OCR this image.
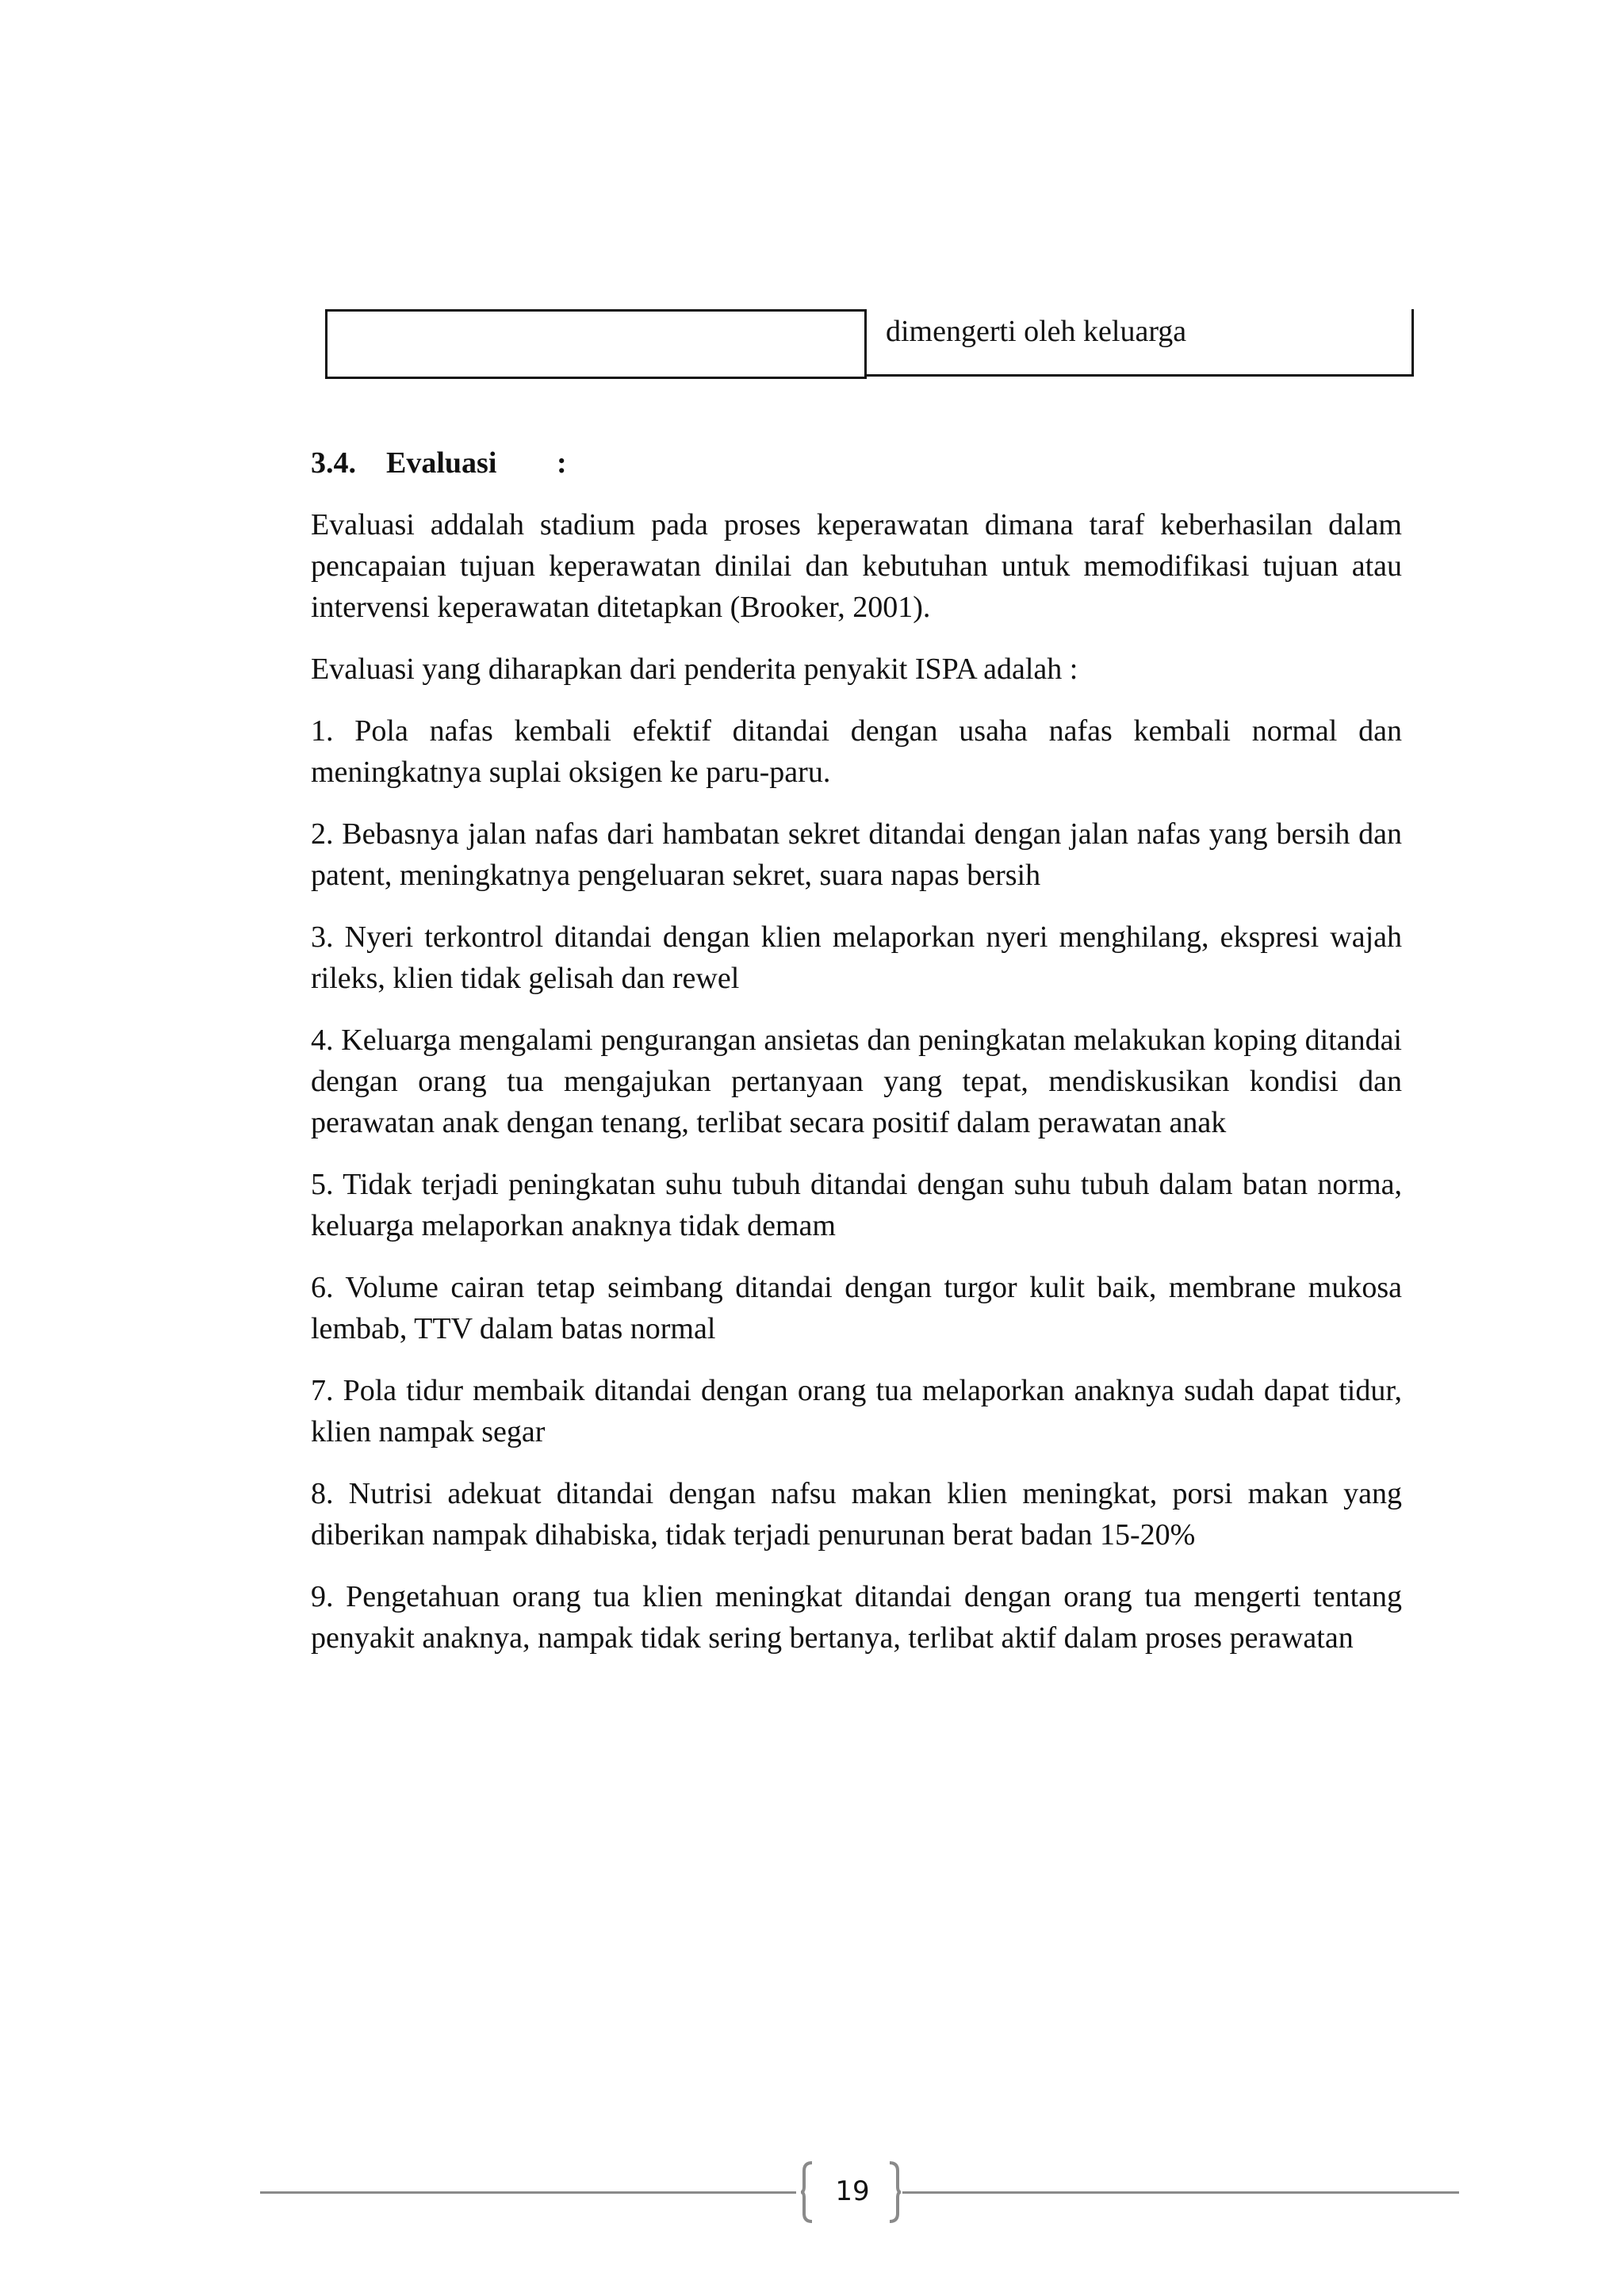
dimengerti oleh keluarga

3.4. Evaluasi :

Evaluasi addalah stadium pada proses keperawatan dimana taraf keberhasilan dalam pencapaian tujuan keperawatan dinilai dan kebutuhan untuk memodifikasi tujuan atau intervensi keperawatan ditetapkan (Brooker, 2001).

Evaluasi yang diharapkan dari penderita penyakit ISPA adalah :

1. Pola nafas kembali efektif ditandai dengan usaha nafas kembali normal dan meningkatnya suplai oksigen ke paru-paru.

2. Bebasnya jalan nafas dari hambatan sekret ditandai dengan jalan nafas yang bersih dan patent, meningkatnya pengeluaran sekret, suara napas bersih

3. Nyeri terkontrol ditandai dengan klien melaporkan nyeri menghilang, ekspresi wajah rileks, klien tidak gelisah dan rewel

4. Keluarga mengalami pengurangan ansietas dan peningkatan melakukan koping ditandai dengan orang tua mengajukan pertanyaan yang tepat, mendiskusikan kondisi dan perawatan anak dengan tenang, terlibat secara positif dalam perawatan anak

5. Tidak terjadi peningkatan suhu tubuh ditandai dengan suhu tubuh dalam batan norma, keluarga melaporkan anaknya tidak demam

6. Volume cairan tetap seimbang ditandai dengan turgor kulit baik, membrane mukosa lembab, TTV dalam batas normal

7. Pola tidur membaik ditandai dengan orang tua melaporkan anaknya sudah dapat tidur, klien nampak segar

8. Nutrisi adekuat ditandai dengan nafsu makan klien meningkat, porsi makan yang diberikan nampak dihabiska, tidak terjadi penurunan berat badan 15-20%

9. Pengetahuan orang tua klien meningkat ditandai dengan orang tua mengerti tentang penyakit anaknya, nampak tidak sering bertanya, terlibat aktif dalam proses perawatan

19
